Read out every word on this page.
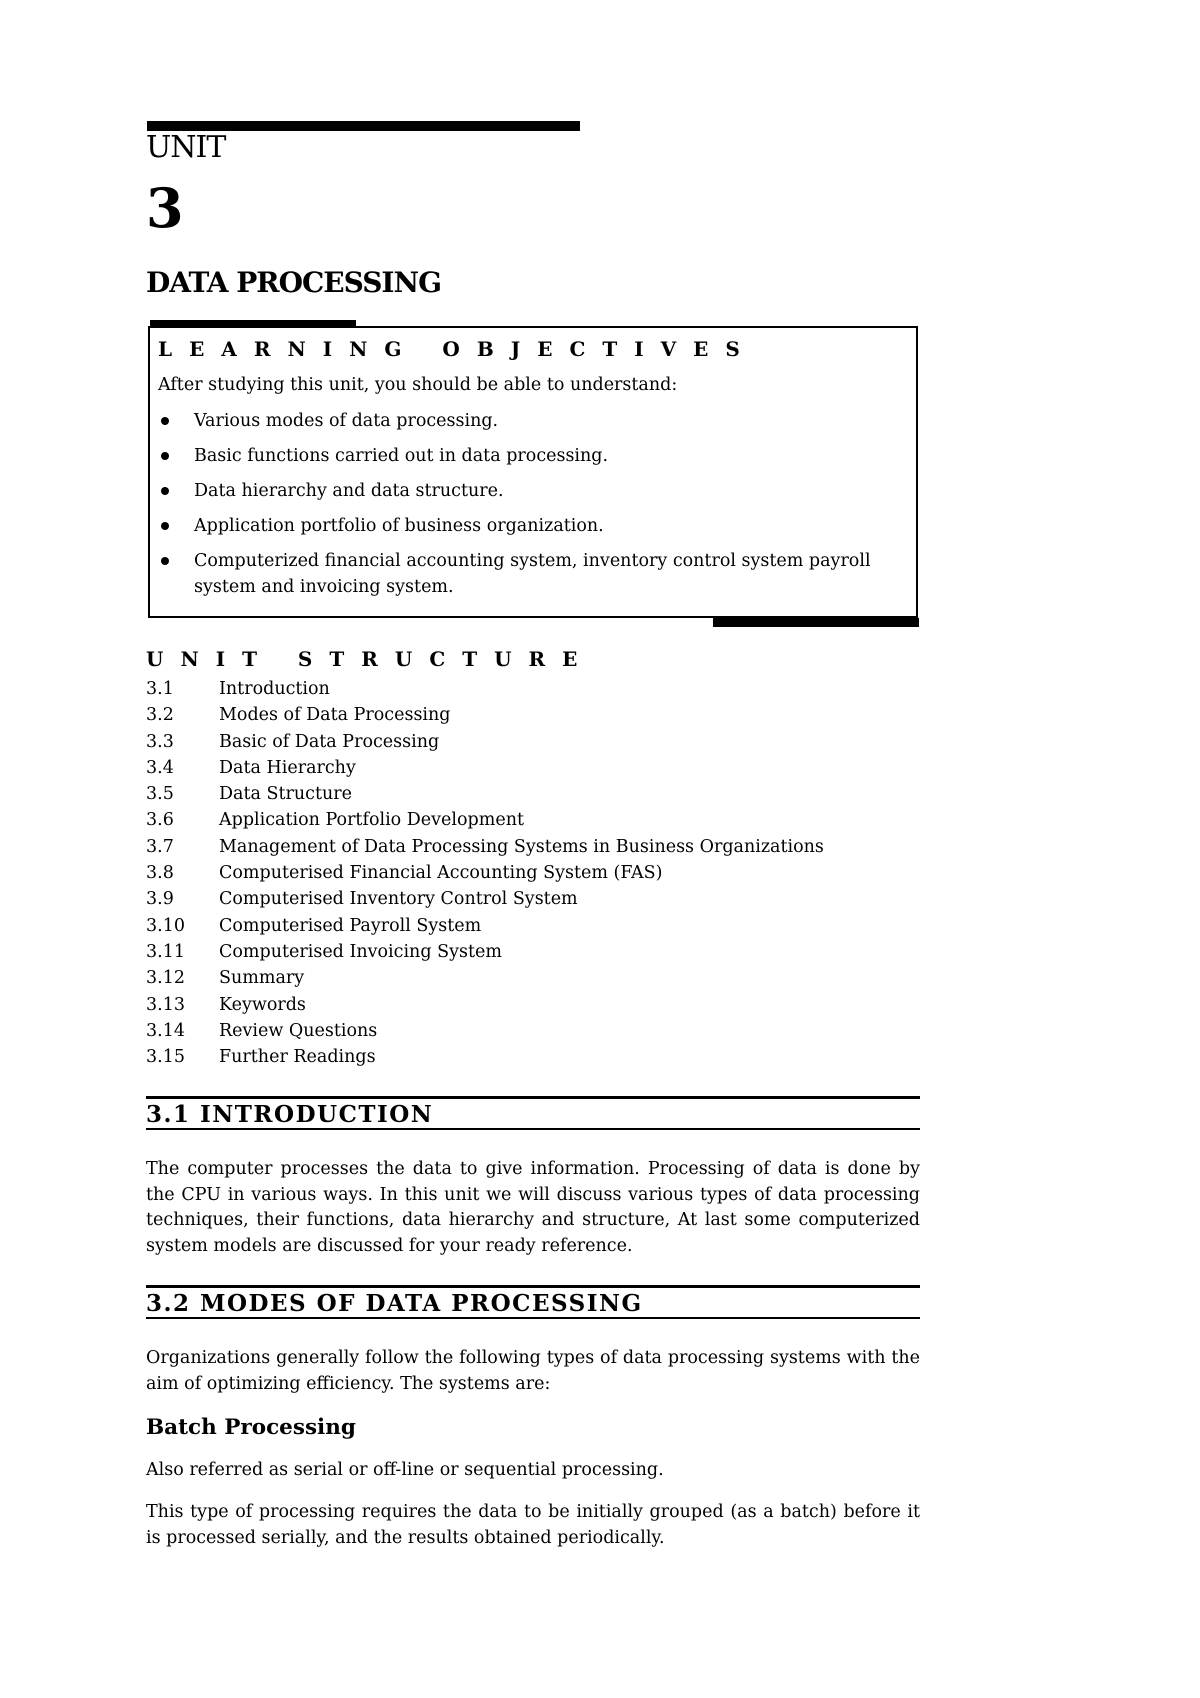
UNIT
3
DATA PROCESSING
LEARNING OBJECTIVES
After studying this unit, you should be able to understand:
Various modes of data processing.
Basic functions carried out in data processing.
Data hierarchy and data structure.
Application portfolio of business organization.
Computerized financial accounting system, inventory control system payroll system and invoicing system.
UNIT STRUCTURE
3.1	Introduction
3.2	Modes of Data Processing
3.3	Basic of Data Processing
3.4	Data Hierarchy
3.5	Data Structure
3.6	Application Portfolio Development
3.7	Management of Data Processing Systems in Business Organizations
3.8	Computerised Financial Accounting System (FAS)
3.9	Computerised Inventory Control System
3.10	Computerised Payroll System
3.11	Computerised Invoicing System
3.12	Summary
3.13	Keywords
3.14	Review Questions
3.15	Further Readings
3.1 INTRODUCTION

The computer processes the data to give information. Processing of data is done by the CPU in various ways. In this unit we will discuss various types of data processing techniques, their functions, data hierarchy and structure, At last some computerized system models are discussed for your ready reference.

3.2 MODES OF DATA PROCESSING

Organizations generally follow the following types of data processing systems with the aim of optimizing efficiency. The systems are:

Batch Processing

Also referred as serial or off-line or sequential processing.

This type of processing requires the data to be initially grouped (as a batch) before it is processed serially, and the results obtained periodically.
